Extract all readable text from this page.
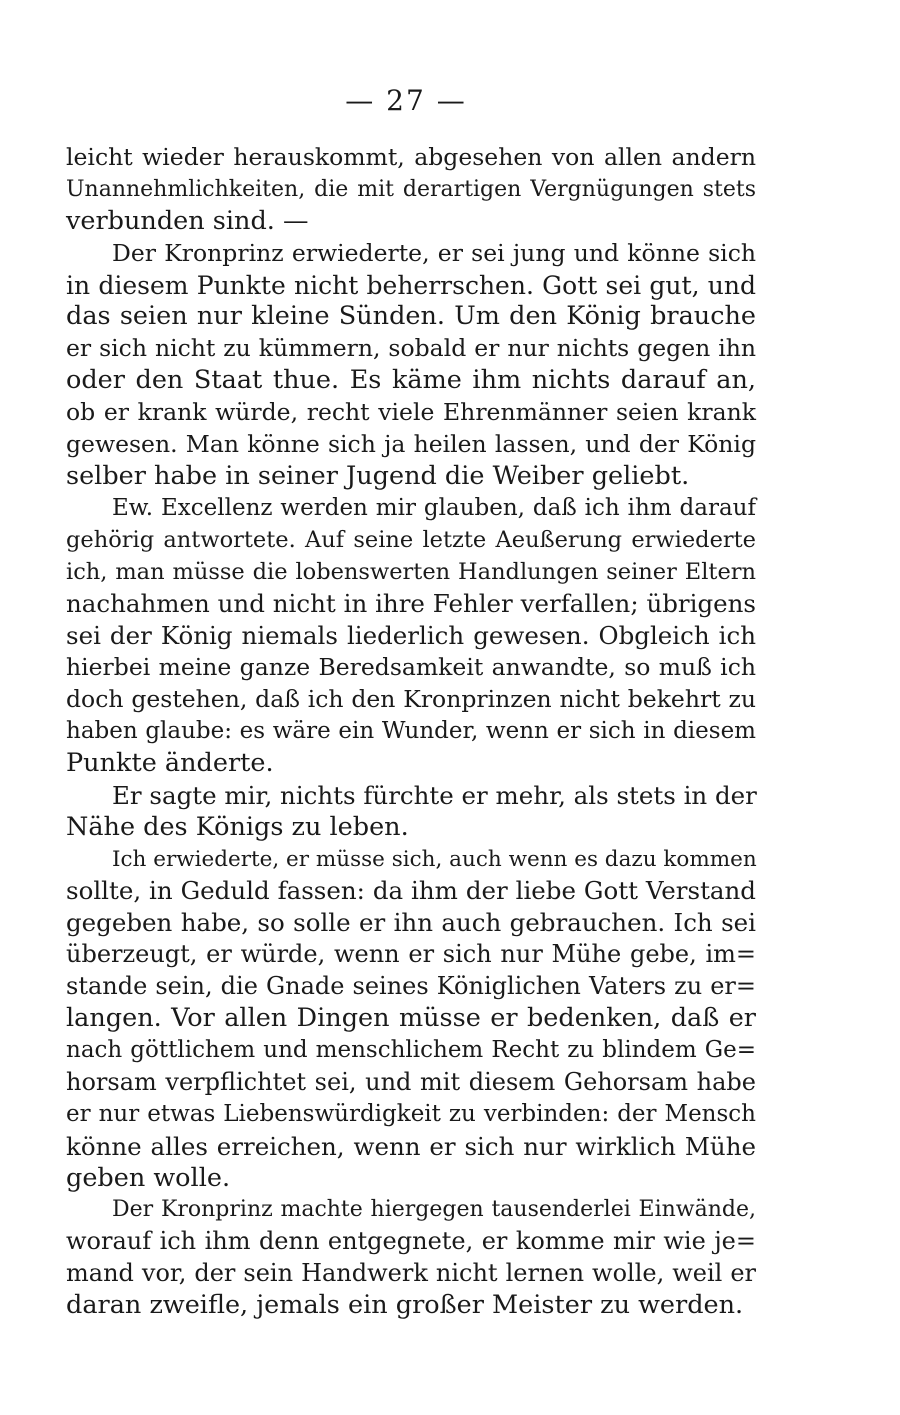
— 27 —
leicht wieder herauskommt, abgesehen von allen andern
Unannehmlichkeiten, die mit derartigen Vergnügungen stets
verbunden sind. —
Der Kronprinz erwiederte, er sei jung und könne sich
in diesem Punkte nicht beherrschen. Gott sei gut, und
das seien nur kleine Sünden. Um den König brauche
er sich nicht zu kümmern, sobald er nur nichts gegen ihn
oder den Staat thue. Es käme ihm nichts darauf an,
ob er krank würde, recht viele Ehrenmänner seien krank
gewesen. Man könne sich ja heilen lassen, und der König
selber habe in seiner Jugend die Weiber geliebt.
Ew. Excellenz werden mir glauben, daß ich ihm darauf
gehörig antwortete. Auf seine letzte Aeußerung erwiederte
ich, man müsse die lobenswerten Handlungen seiner Eltern
nachahmen und nicht in ihre Fehler verfallen; übrigens
sei der König niemals liederlich gewesen. Obgleich ich
hierbei meine ganze Beredsamkeit anwandte, so muß ich
doch gestehen, daß ich den Kronprinzen nicht bekehrt zu
haben glaube: es wäre ein Wunder, wenn er sich in diesem
Punkte änderte.
Er sagte mir, nichts fürchte er mehr, als stets in der
Nähe des Königs zu leben.
Ich erwiederte, er müsse sich, auch wenn es dazu kommen
sollte, in Geduld fassen: da ihm der liebe Gott Verstand
gegeben habe, so solle er ihn auch gebrauchen. Ich sei
überzeugt, er würde, wenn er sich nur Mühe gebe, im=
stande sein, die Gnade seines Königlichen Vaters zu er=
langen. Vor allen Dingen müsse er bedenken, daß er
nach göttlichem und menschlichem Recht zu blindem Ge=
horsam verpflichtet sei, und mit diesem Gehorsam habe
er nur etwas Liebenswürdigkeit zu verbinden: der Mensch
könne alles erreichen, wenn er sich nur wirklich Mühe
geben wolle.
Der Kronprinz machte hiergegen tausenderlei Einwände,
worauf ich ihm denn entgegnete, er komme mir wie je=
mand vor, der sein Handwerk nicht lernen wolle, weil er
daran zweifle, jemals ein großer Meister zu werden.
